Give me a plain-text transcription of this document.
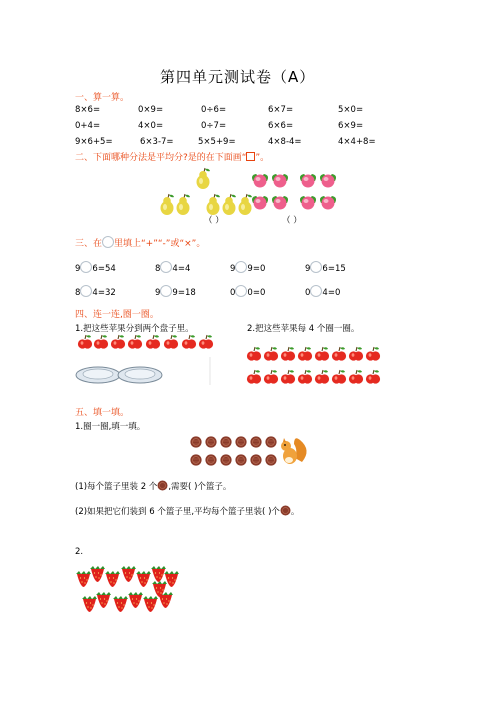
第四单元测试卷（A）
一、算一算。
8×6=	0×9=	0÷6=	6×7=	5×0=
0+4=	4×0=	0÷7=	6×6=	6×9=
9×6+5=	6×3-7=	5×5+9=	4×8-4=	4×4+8=
二、下面哪种分法是平均分?是的在下面画“ ”。
（ ）	（ ）
三、在 里填上“+”“-”或“×”。
9 6=54	8 4=4	9 9=0	9 6=15
8 4=32	9 9=18	0 0=0	0 4=0
四、连一连,圈一圈。
1.把这些苹果分到两个盘子里。	2.把这些苹果每 4 个圈一圈。
五、填一填。
1.圈一圈,填一填。
(1)每个篮子里装 2 个 ,需要( )个篮子。
(2)如果把它们装到 6 个篮子里,平均每个篮子里装( )个 。
2.
